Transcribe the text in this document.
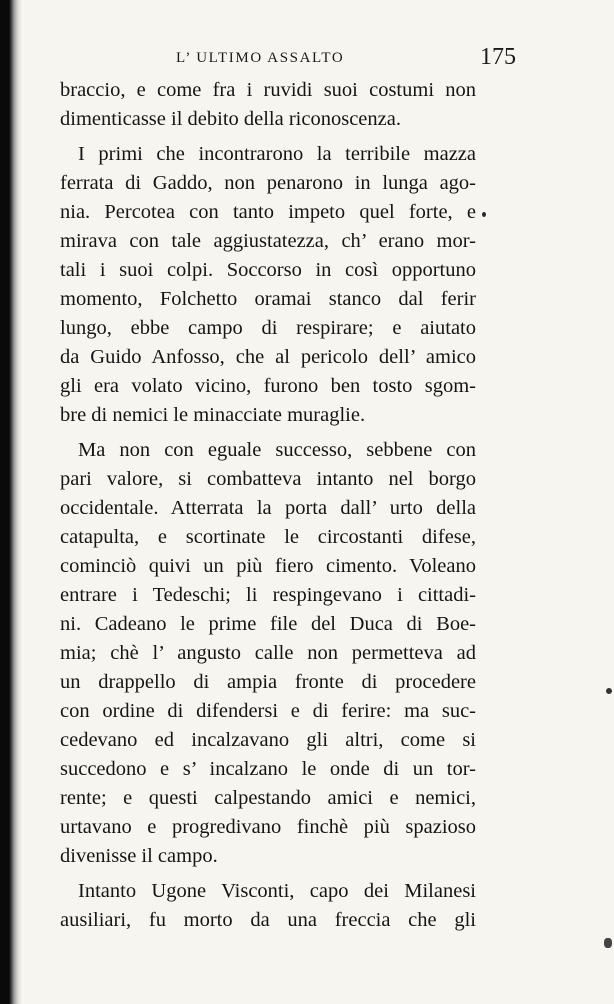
L’ ULTIMO ASSALTO	175
braccio, e come fra i ruvidi suoi costumi non
dimenticasse il debito della riconoscenza.
I primi che incontrarono la terribile mazza
ferrata di Gaddo, non penarono in lunga ago-
nia. Percotea con tanto impeto quel forte, e
mirava con tale aggiustatezza, ch’ erano mor-
tali i suoi colpi. Soccorso in così opportuno
momento, Folchetto oramai stanco dal ferir
lungo, ebbe campo di respirare; e aiutato
da Guido Anfosso, che al pericolo dell’ amico
gli era volato vicino, furono ben tosto sgom-
bre di nemici le minacciate muraglie.
Ma non con eguale successo, sebbene con
pari valore, si combatteva intanto nel borgo
occidentale. Atterrata la porta dall’ urto della
catapulta, e scortinate le circostanti difese,
cominciò quivi un più fiero cimento. Voleano
entrare i Tedeschi; li respingevano i cittadi-
ni. Cadeano le prime file del Duca di Boe-
mia; chè l’ angusto calle non permetteva ad
un drappello di ampia fronte di procedere
con ordine di difendersi e di ferire: ma suc-
cedevano ed incalzavano gli altri, come si
succedono e s’ incalzano le onde di un tor-
rente; e questi calpestando amici e nemici,
urtavano e progredivano finchè più spazioso
divenisse il campo.
Intanto Ugone Visconti, capo dei Milanesi
ausiliari, fu morto da una freccia che gli
